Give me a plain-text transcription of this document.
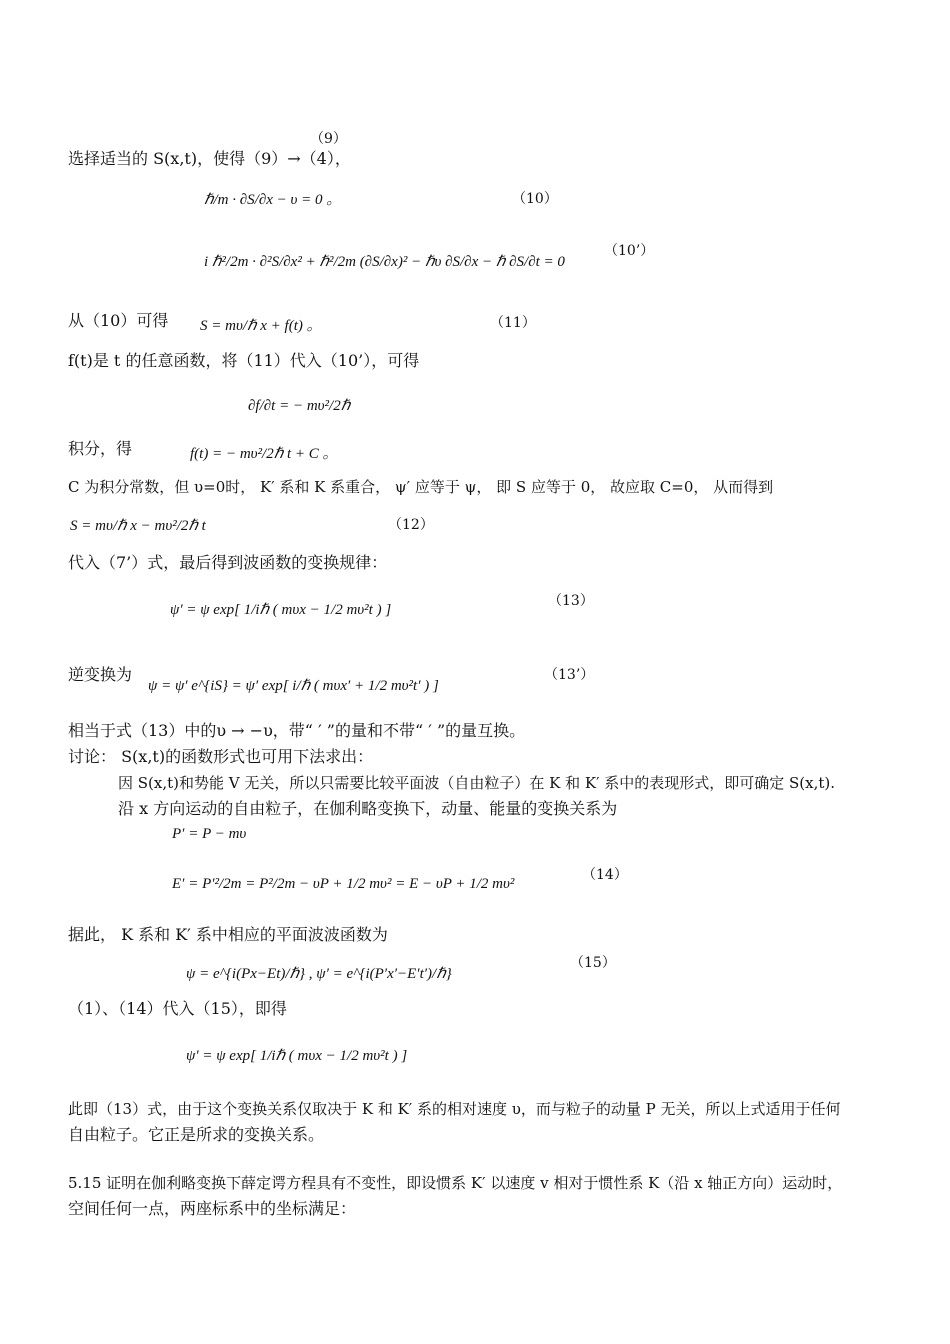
（9）
选择适当的 S(x,t)，使得（9）→（4），
ℏ/m · ∂S/∂x − υ = 0 。	（10）
i ℏ²/2m · ∂²S/∂x² + ℏ²/2m (∂S/∂x)² − ℏυ ∂S/∂x − ℏ ∂S/∂t = 0
（10’）
从（10）可得 S = mυ/ℏ x + f(t) 。	（11）
f(t)是 t 的任意函数，将（11）代入（10’），可得
∂f/∂t = − mυ²/2ℏ
积分，得	f(t) = − mυ²/2ℏ t + C 。
C 为积分常数，但 υ=0时， K′ 系和 K 系重合， ψ′ 应等于 ψ， 即 S 应等于 0， 故应取 C=0， 从而得到
S = mυ/ℏ x − mυ²/2ℏ t	（12）
代入（7’）式，最后得到波函数的变换规律：
ψ′ = ψ exp[ 1/iℏ ( mυx − 1/2 mυ²t ) ]
（13）
逆变换为
ψ = ψ′ e^{iS} = ψ′ exp[ i/ℏ ( mυx′ + 1/2 mυ²t′ ) ]
（13’）
相当于式（13）中的υ → −υ，带“ ′ ”的量和不带“ ′ ”的量互换。
讨论： S(x,t)的函数形式也可用下法求出：
因 S(x,t)和势能 V 无关，所以只需要比较平面波（自由粒子）在 K 和 K′ 系中的表现形式，即可确定 S(x,t).
沿 x 方向运动的自由粒子，在伽利略变换下，动量、能量的变换关系为
P′ = P − mυ
E′ = P′²/2m = P²/2m − υP + 1/2 mυ² = E − υP + 1/2 mυ²
（14）
据此， K 系和 K′ 系中相应的平面波波函数为
ψ = e^{i(Px−Et)/ℏ} , ψ′ = e^{i(P′x′−E′t′)/ℏ}
（15）
（1）、（14）代入（15），即得
ψ′ = ψ exp[ 1/iℏ ( mυx − 1/2 mυ²t ) ]
此即（13）式，由于这个变换关系仅取决于 K 和 K′ 系的相对速度 υ，而与粒子的动量 P 无关，所以上式适用于任何
自由粒子。它正是所求的变换关系。
5.15 证明在伽利略变换下薛定谔方程具有不变性，即设惯系 K′ 以速度 v 相对于惯性系 K（沿 x 轴正方向）运动时，
空间任何一点，两座标系中的坐标满足：
